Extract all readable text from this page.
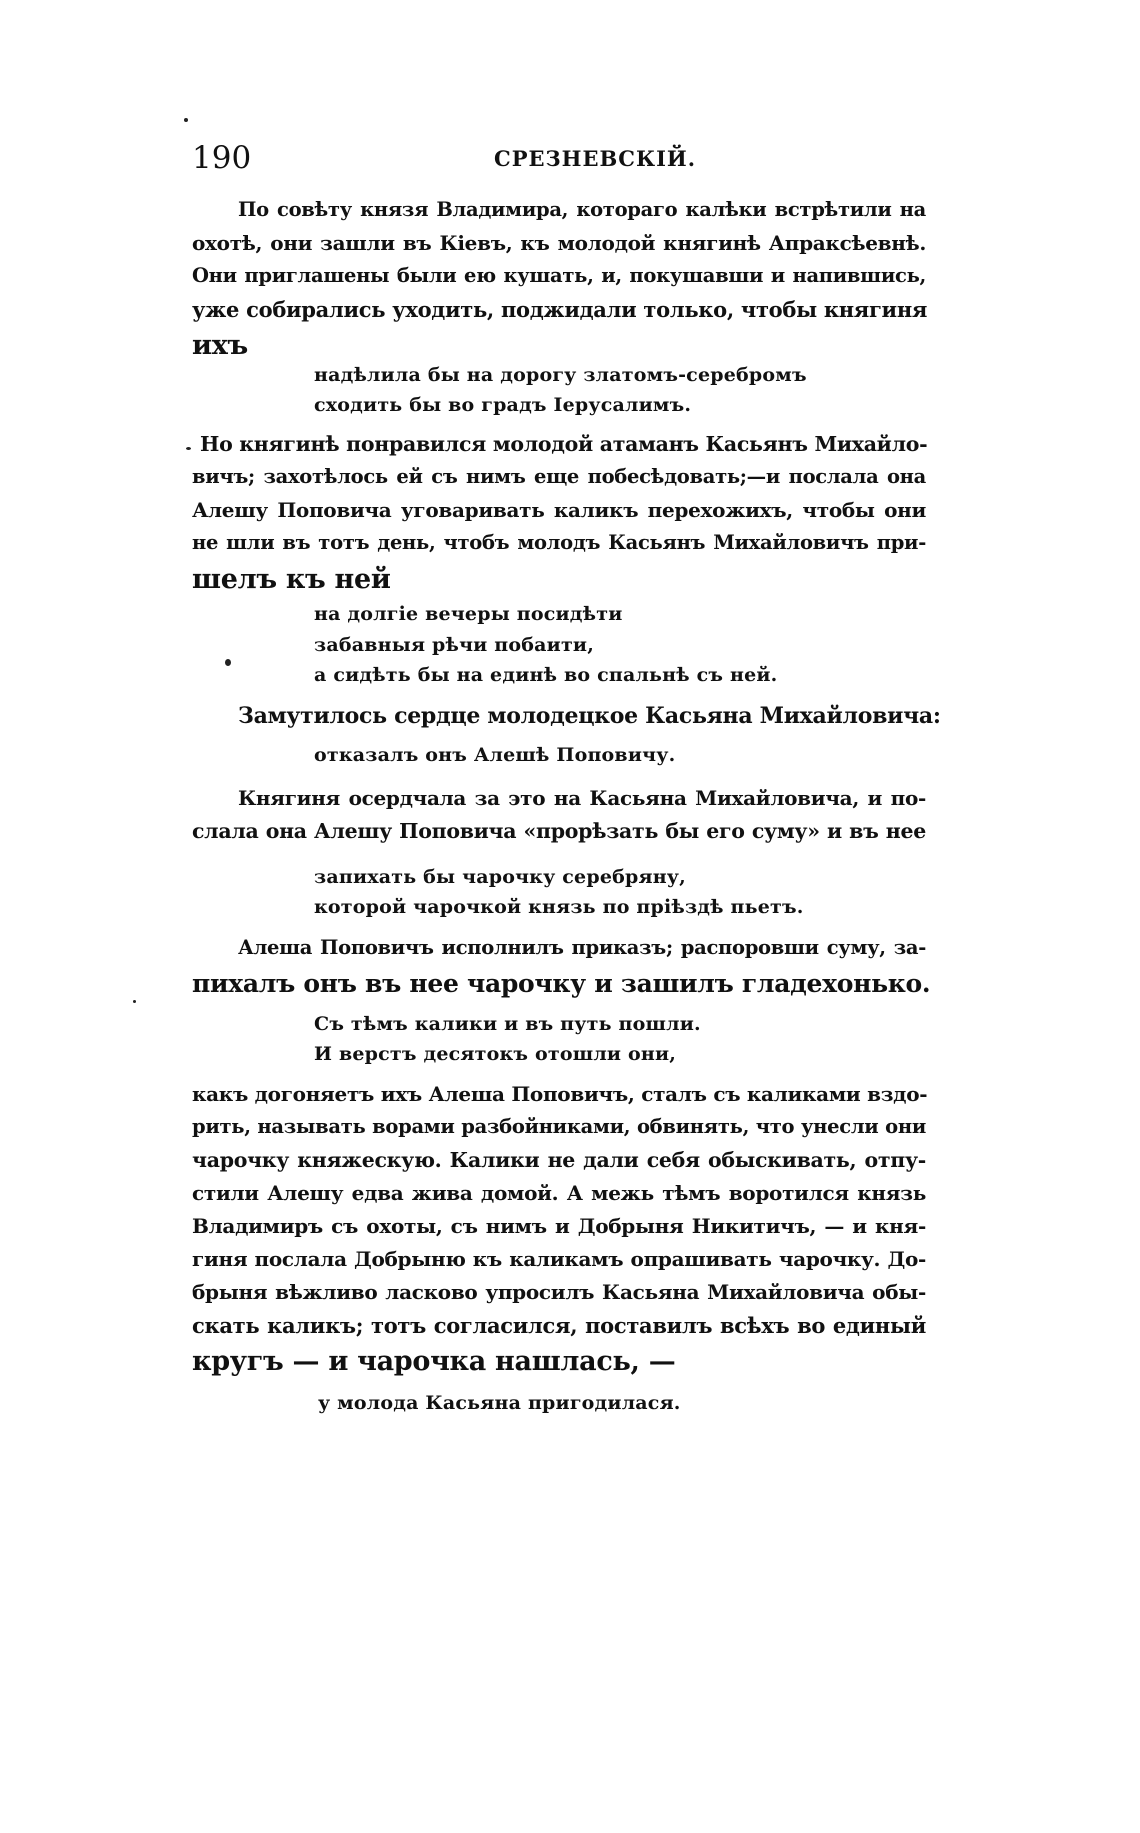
190	СРЕЗНЕВСКІЙ.
По совѣту князя Владимира, котораго калѣки встрѣтили на
охотѣ, они зашли въ Кіевъ, къ молодой княгинѣ Апраксѣевнѣ.
Они приглашены были ею кушать, и, покушавши и напившись,
уже собирались уходить, поджидали только, чтобы княгиня
ихъ
надѣлила бы на дорогу златомъ-серебромъ
сходить бы во градъ Іерусалимъ.
Но княгинѣ понравился молодой атаманъ Касьянъ Михайло-
вичъ; захотѣлось ей съ нимъ еще побесѣдовать;—и послала она
Алешу Поповича уговаривать каликъ перехожихъ, чтобы они
не шли въ тотъ день, чтобъ молодъ Касьянъ Михайловичъ при-
шелъ къ ней
на долгіе вечеры посидѣти
забавныя рѣчи побаити,
а сидѣть бы на единѣ во спальнѣ съ ней.
Замутилось сердце молодецкое Касьяна Михайловича:
отказалъ онъ Алешѣ Поповичу.
Княгиня осердчала за это на Касьяна Михайловича, и по-
слала она Алешу Поповича «прорѣзать бы его суму» и въ нее
запихать бы чарочку серебряну,
которой чарочкой князь по пріѣздѣ пьетъ.
Алеша Поповичъ исполнилъ приказъ; распоровши суму, за-
пихалъ онъ въ нее чарочку и зашилъ гладехонько.
Съ тѣмъ калики и въ путь пошли.
И верстъ десятокъ отошли они,
какъ догоняетъ ихъ Алеша Поповичъ, сталъ съ каликами вздо-
рить, называть ворами разбойниками, обвинять, что унесли они
чарочку княжескую. Калики не дали себя обыскивать, отпу-
стили Алешу едва жива домой. А межь тѣмъ воротился князь
Владимиръ съ охоты, съ нимъ и Добрыня Никитичъ, — и кня-
гиня послала Добрыню къ каликамъ опрашивать чарочку. До-
брыня вѣжливо ласково упросилъ Касьяна Михайловича обы-
скать каликъ; тотъ согласился, поставилъ всѣхъ во единый
кругъ — и чарочка нашлась, —
у молода Касьяна пригодилася.
